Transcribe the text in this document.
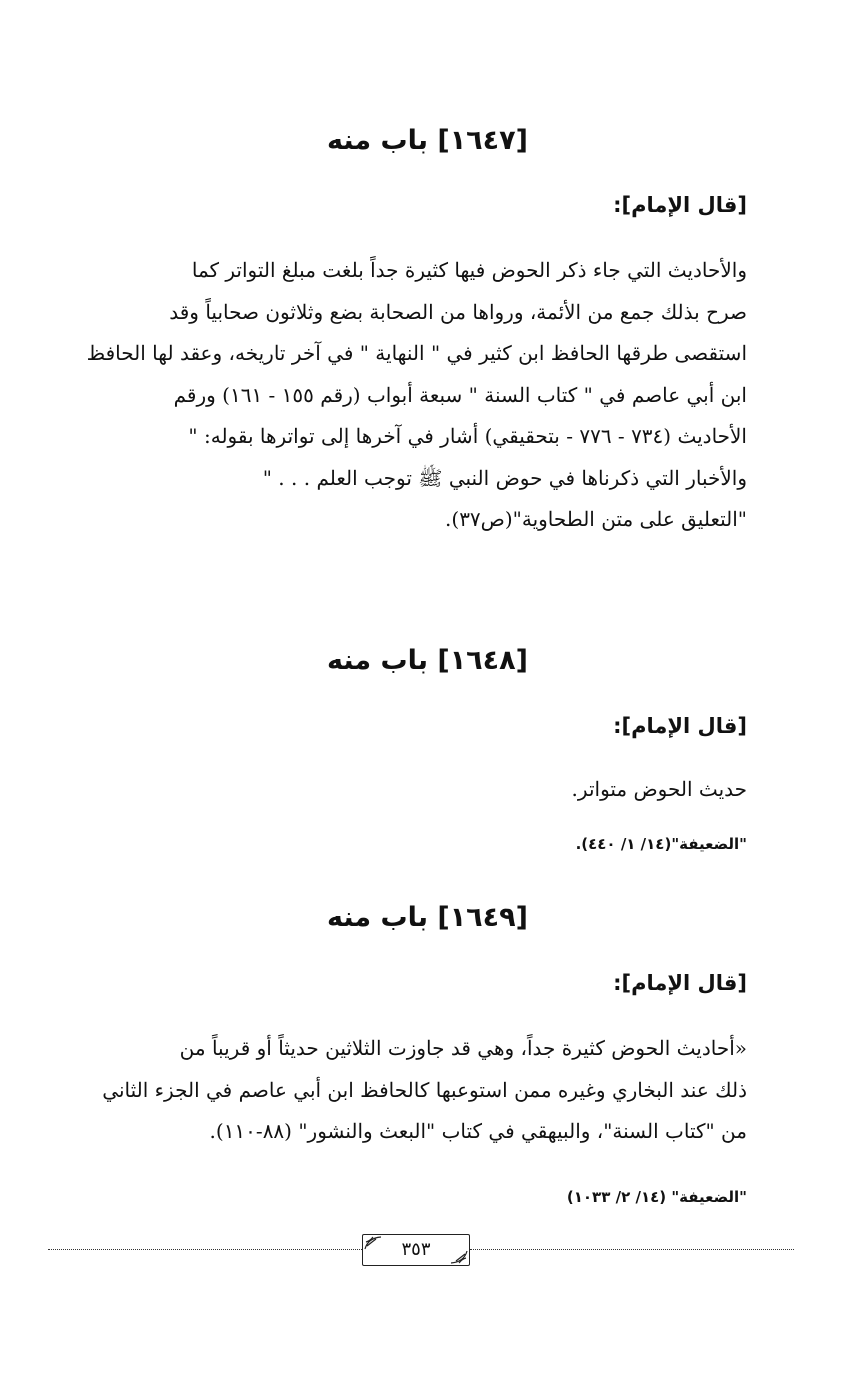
[١٦٤٧] باب منه
[قال الإمام]:
والأحاديث التي جاء ذكر الحوض فيها كثيرة جداً بلغت مبلغ التواتر كما
صرح بذلك جمع من الأئمة، ورواها من الصحابة بضع وثلاثون صحابياً وقد
استقصى طرقها الحافظ ابن كثير في " النهاية " في آخر تاريخه، وعقد لها الحافظ
ابن أبي عاصم في " كتاب السنة " سبعة أبواب (رقم ١٥٥ - ١٦١) ورقم
الأحاديث (٧٣٤ - ٧٧٦ - بتحقيقي) أشار في آخرها إلى تواترها بقوله: "
والأخبار التي ذكرناها في حوض النبي ﷺ توجب العلم . . . "
"التعليق على متن الطحاوية"(ص٣٧).
[١٦٤٨] باب منه
[قال الإمام]:
حديث الحوض متواتر.
"الضعيفة"(١٤/ ١/ ٤٤٠).
[١٦٤٩] باب منه
[قال الإمام]:
«أحاديث الحوض كثيرة جداً، وهي قد جاوزت الثلاثين حديثاً أو قريباً من
ذلك عند البخاري وغيره ممن استوعبها كالحافظ ابن أبي عاصم في الجزء الثاني
من "كتاب السنة"، والبيهقي في كتاب "البعث والنشور" (٨٨-١١٠).
"الضعيفة" (١٤/ ٢/ ١٠٣٣)
٣٥٣
